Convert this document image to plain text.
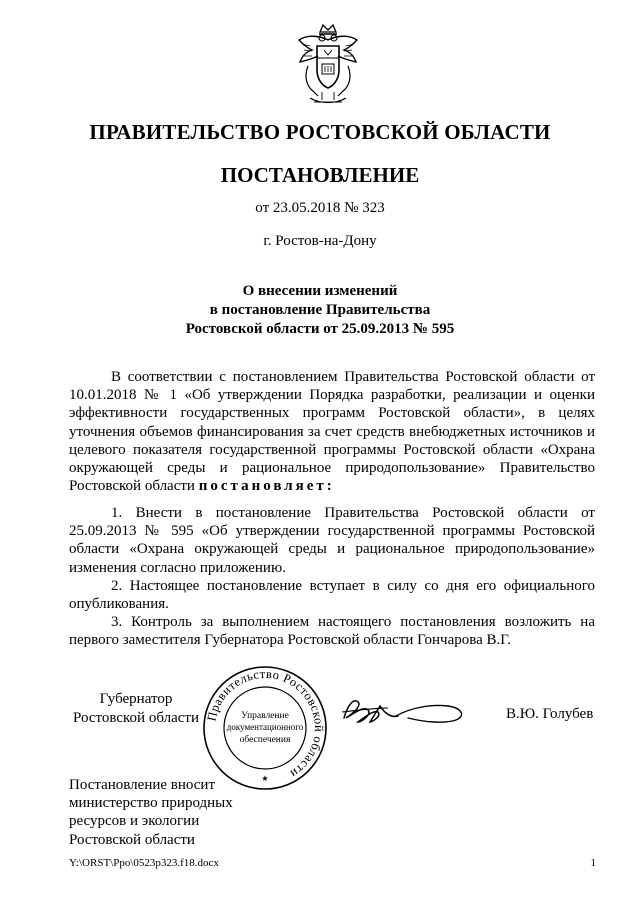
ПРАВИТЕЛЬСТВО РОСТОВСКОЙ ОБЛАСТИ
ПОСТАНОВЛЕНИЕ
от 23.05.2018 № 323
г. Ростов-на-Дону
О внесении изменений
в постановление Правительства
Ростовской области от 25.09.2013 № 595

В соответствии с постановлением Правительства Ростовской области от 10.01.2018 № 1 «Об утверждении Порядка разработки, реализации и оценки эффективности государственных программ Ростовской области», в целях уточнения объемов финансирования за счет средств внебюджетных источников и целевого показателя государственной программы Ростовской области «Охрана окружающей среды и рациональное природопользование» Правительство Ростовской области постановляет:

1. Внести в постановление Правительства Ростовской области от 25.09.2013 № 595 «Об утверждении государственной программы Ростовской области «Охрана окружающей среды и рациональное природопользование» изменения согласно приложению.

2. Настоящее постановление вступает в силу со дня его официального опубликования.

3. Контроль за выполнением настоящего постановления возложить на первого заместителя Губернатора Ростовской области Гончарова В.Г.

Губернатор
Ростовской области Правительство Ростовской области
Управление
документационного
обеспечения
★
В.Ю. Голубев
Постановление вносит
министерство природных
ресурсов и экологии
Ростовской области
Y:\ORST\Ppo\0523p323.f18.docx	1
